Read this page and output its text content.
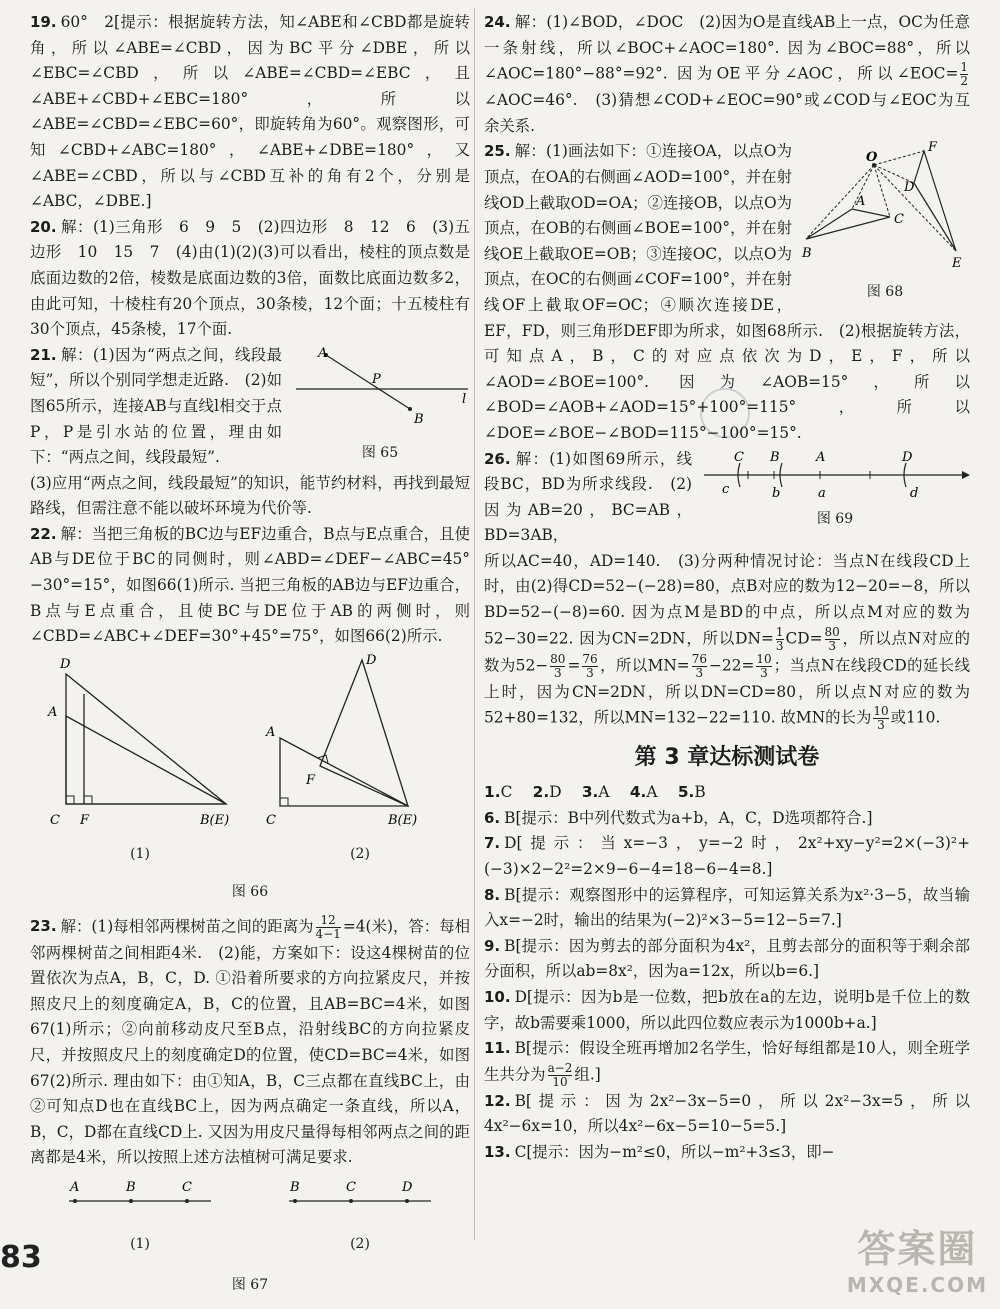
19. 60°　2[提示：根据旋转方法，知∠ABE和∠CBD都是旋转角，所以∠ABE=∠CBD，因为BC平分∠DBE，所以∠EBC=∠CBD，所以∠ABE=∠CBD=∠EBC，且∠ABE+∠CBD+∠EBC=180°，所以∠ABE=∠CBD=∠EBC=60°，即旋转角为60°。观察图形，可知∠CBD+∠ABC=180°，∠ABE+∠DBE=180°，又∠ABE=∠CBD，所以与∠CBD互补的角有2个，分别是∠ABC，∠DBE.]

20. 解：(1)三角形　6　9　5　(2)四边形　8　12　6　(3)五边形　10　15　7　(4)由(1)(2)(3)可以看出，棱柱的顶点数是底面边数的2倍，棱数是底面边数的3倍，面数比底面边数多2，由此可知，十棱柱有20个顶点，30条棱，12个面；十五棱柱有30个顶点，45条棱，17个面.

A
B
P
l
图 65
21. 解：(1)因为“两点之间，线段最短”，所以个别同学想走近路.　(2)如图65所示，连接AB与直线l相交于点P，P是引水站的位置，理由如下：“两点之间，线段最短”.
(3)应用“两点之间，线段最短”的知识，能节约材料，再找到最短路线，但需注意不能以破坏环境为代价等.

22. 解：当把三角板的BC边与EF边重合，B点与E点重合，且使AB与DE位于BC的同侧时，则∠ABD=∠DEF−∠ABC=45°−30°=15°，如图66(1)所示. 当把三角板的AB边与EF边重合，B点与E点重合，且使BC与DE位于AB的两侧时，则∠CBD=∠ABC+∠DEF=30°+45°=75°，如图66(2)所示.

D
A
C F	B(E)
(1)
D
A
F
C	B(E)
(2)
图 66

23. 解：(1)每相邻两棵树苗之间的距离为 $\frac{12}{4-1} =4$(米)，答：每相邻两棵树苗之间相距4米.　(2)能，方案如下：设这4棵树苗的位置依次为点A，B，C，D. ①沿着所要求的方向拉紧皮尺，并按照皮尺上的刻度确定A，B，C的位置，且AB=BC=4米，如图67(1)所示；②向前移动皮尺至B点，沿射线BC的方向拉紧皮尺，并按照皮尺上的刻度确定D的位置，使CD=BC=4米，如图67(2)所示. 理由如下：由①知A，B，C三点都在直线BC上，由②可知点D也在直线BC上，因为两点确定一条直线，所以A，B，C，D都在直线CD上. 又因为用皮尺量得每相邻两点之间的距离都是4米，所以按照上述方法植树可满足要求.

A	B	C
(1)
B	C	D
(2)
图 67

24. 解：(1)∠BOD，∠DOC　(2)因为O是直线AB上一点，OC为任意一条射线，所以∠BOC+∠AOC=180°. 因为∠BOC=88°，所以∠AOC=180°−88°=92°. 因为OE平分∠AOC，所以∠EOC= $\frac{1}{2}$
∠AOC=46°.　(3)猜想∠COD+∠EOC=90°或∠COD与∠EOC为互余关系.

O
F
D
A
C
B
E
图 68
25. 解：(1)画法如下：①连接OA，以点O为顶点，在OA的右侧画∠AOD=100°，并在射线OD上截取OD=OA；②连接OB，以点O为顶点，在OB的右侧画∠BOE=100°，并在射线OE上截取OE=OB；③连接OC，以点O为顶点，在OC的右侧画∠COF=100°，并在射线OF上截取OF=OC；④顺次连接DE，EF，FD，则三角形DEF即为所求，如图68所示.　(2)根据旋转方法，可知点A，B，C的对应点依次为D，E，F，所以∠AOD=∠BOE=100°. 因为∠AOB=15°，所以∠BOD=∠AOB+∠AOD=15°+100°=115°，所以∠DOE=∠BOE−∠BOD=115°−100°=15°.
C B	A	D
c	b	a	d
图 69
26. 解：(1)如图69所示，线段BC，BD为所求线段.　(2)因为AB=20，BC=AB，BD=3AB，
所以AC=40，AD=140.　(3)分两种情况讨论：当点N在线段CD上时，由(2)得CD=52−(−28)=80，点B对应的数为12−20=−8，所以BD=52−(−8)=60. 因为点M是BD的中点，所以点M对应的数为52−30=22. 因为CN=2DN，所以$DN= \frac{1}{3} CD= \frac{80}{3}$ ，所以点N对应的数为$52- \frac{80}{3} = \frac{76}{3}$ ，所以$MN= \frac{76}{3} -22= \frac{10}{3}$ ；当点N在线段CD的延长线上时，因为CN=2DN，所以DN=CD=80，所以点N对应的数为52+80=132，所以MN=132−22=110. 故MN的长为 $\frac{10}{3}$ 或110.
第 3 章达标测试卷

1.C　 2.D　 3.A　 4.A　 5.B

6. B[提示：B中列代数式为a+b，A，C，D选项都符合.]

7. D[提示：当x=−3，y=−2时，2x²+xy−y²=2×(−3)²+(−3)×2−2²=2×9−6−4=18−6−4=8.]

8. B[提示：观察图形中的运算程序，可知运算关系为x²·3−5，故当输入x=−2时，输出的结果为(−2)²×3−5=12−5=7.]

9. B[提示：因为剪去的部分面积为4x²，且剪去部分的面积等于剩余部分面积，所以ab=8x²，因为a=12x，所以b=6.]

10. D[提示：因为b是一位数，把b放在a的左边，说明b是千位上的数字，故b需要乘1000，所以此四位数应表示为1000b+a.]

11. B[提示：假设全班再增加2名学生，恰好每组都是10人，则全班学生共分为 $\frac{a-2}{10}$ 组.]

12. B[提示：因为2x²−3x−5=0，所以2x²−3x=5，所以4x²−6x=10，所以4x²−6x−5=10−5=5.]

13. C[提示：因为−m²≤0，所以−m²+3≤3，即−

83	答案圈
MXQE.COM
